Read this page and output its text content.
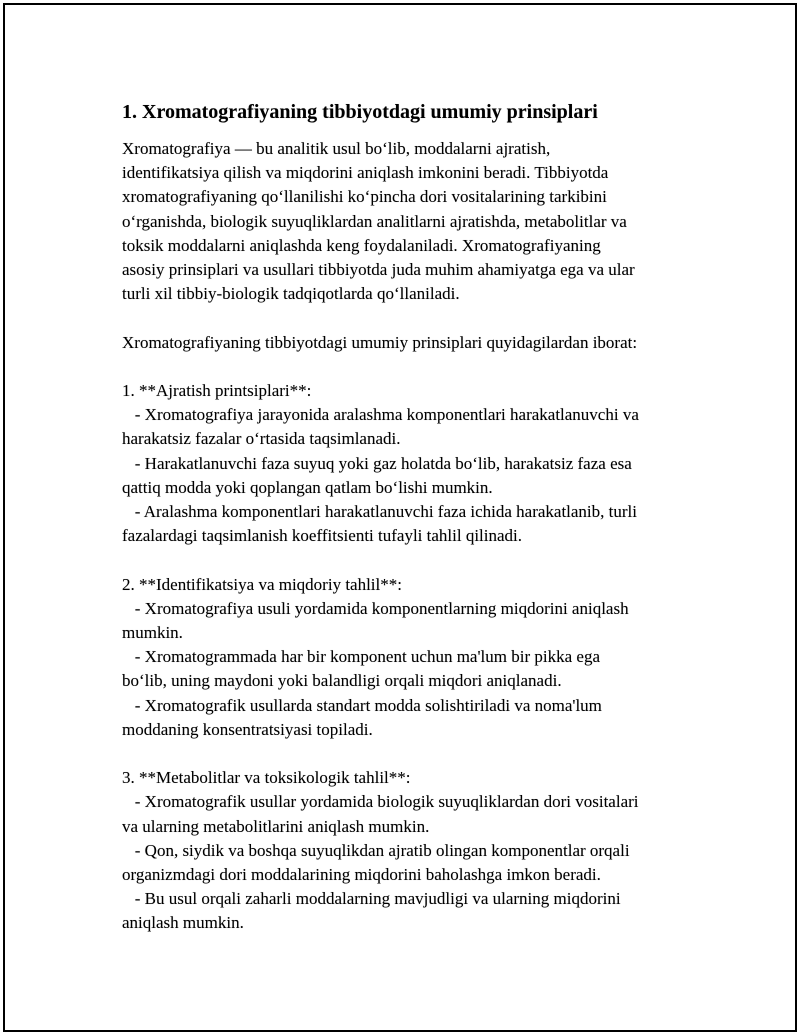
1. Xromatografiyaning tibbiyotdagi umumiy prinsiplari

Xromatografiya — bu analitik usul bo‘lib, moddalarni ajratish,
identifikatsiya qilish va miqdorini aniqlash imkonini beradi. Tibbiyotda
xromatografiyaning qo‘llanilishi ko‘pincha dori vositalarining tarkibini
o‘rganishda, biologik suyuqliklardan analitlarni ajratishda, metabolitlar va
toksik moddalarni aniqlashda keng foydalaniladi. Xromatografiyaning
asosiy prinsiplari va usullari tibbiyotda juda muhim ahamiyatga ega va ular
turli xil tibbiy-biologik tadqiqotlarda qo‘llaniladi.

Xromatografiyaning tibbiyotdagi umumiy prinsiplari quyidagilardan iborat:

1. **Ajratish printsiplari**:

- Xromatografiya jarayonida aralashma komponentlari harakatlanuvchi va
harakatsiz fazalar o‘rtasida taqsimlanadi.

- Harakatlanuvchi faza suyuq yoki gaz holatda bo‘lib, harakatsiz faza esa
qattiq modda yoki qoplangan qatlam bo‘lishi mumkin.

- Aralashma komponentlari harakatlanuvchi faza ichida harakatlanib, turli
fazalardagi taqsimlanish koeffitsienti tufayli tahlil qilinadi.

2. **Identifikatsiya va miqdoriy tahlil**:

- Xromatografiya usuli yordamida komponentlarning miqdorini aniqlash
mumkin.

- Xromatogrammada har bir komponent uchun ma'lum bir pikka ega
bo‘lib, uning maydoni yoki balandligi orqali miqdori aniqlanadi.

- Xromatografik usullarda standart modda solishtiriladi va noma'lum
moddaning konsentratsiyasi topiladi.

3. **Metabolitlar va toksikologik tahlil**:

- Xromatografik usullar yordamida biologik suyuqliklardan dori vositalari
va ularning metabolitlarini aniqlash mumkin.

- Qon, siydik va boshqa suyuqlikdan ajratib olingan komponentlar orqali
organizmdagi dori moddalarining miqdorini baholashga imkon beradi.

- Bu usul orqali zaharli moddalarning mavjudligi va ularning miqdorini
aniqlash mumkin.
